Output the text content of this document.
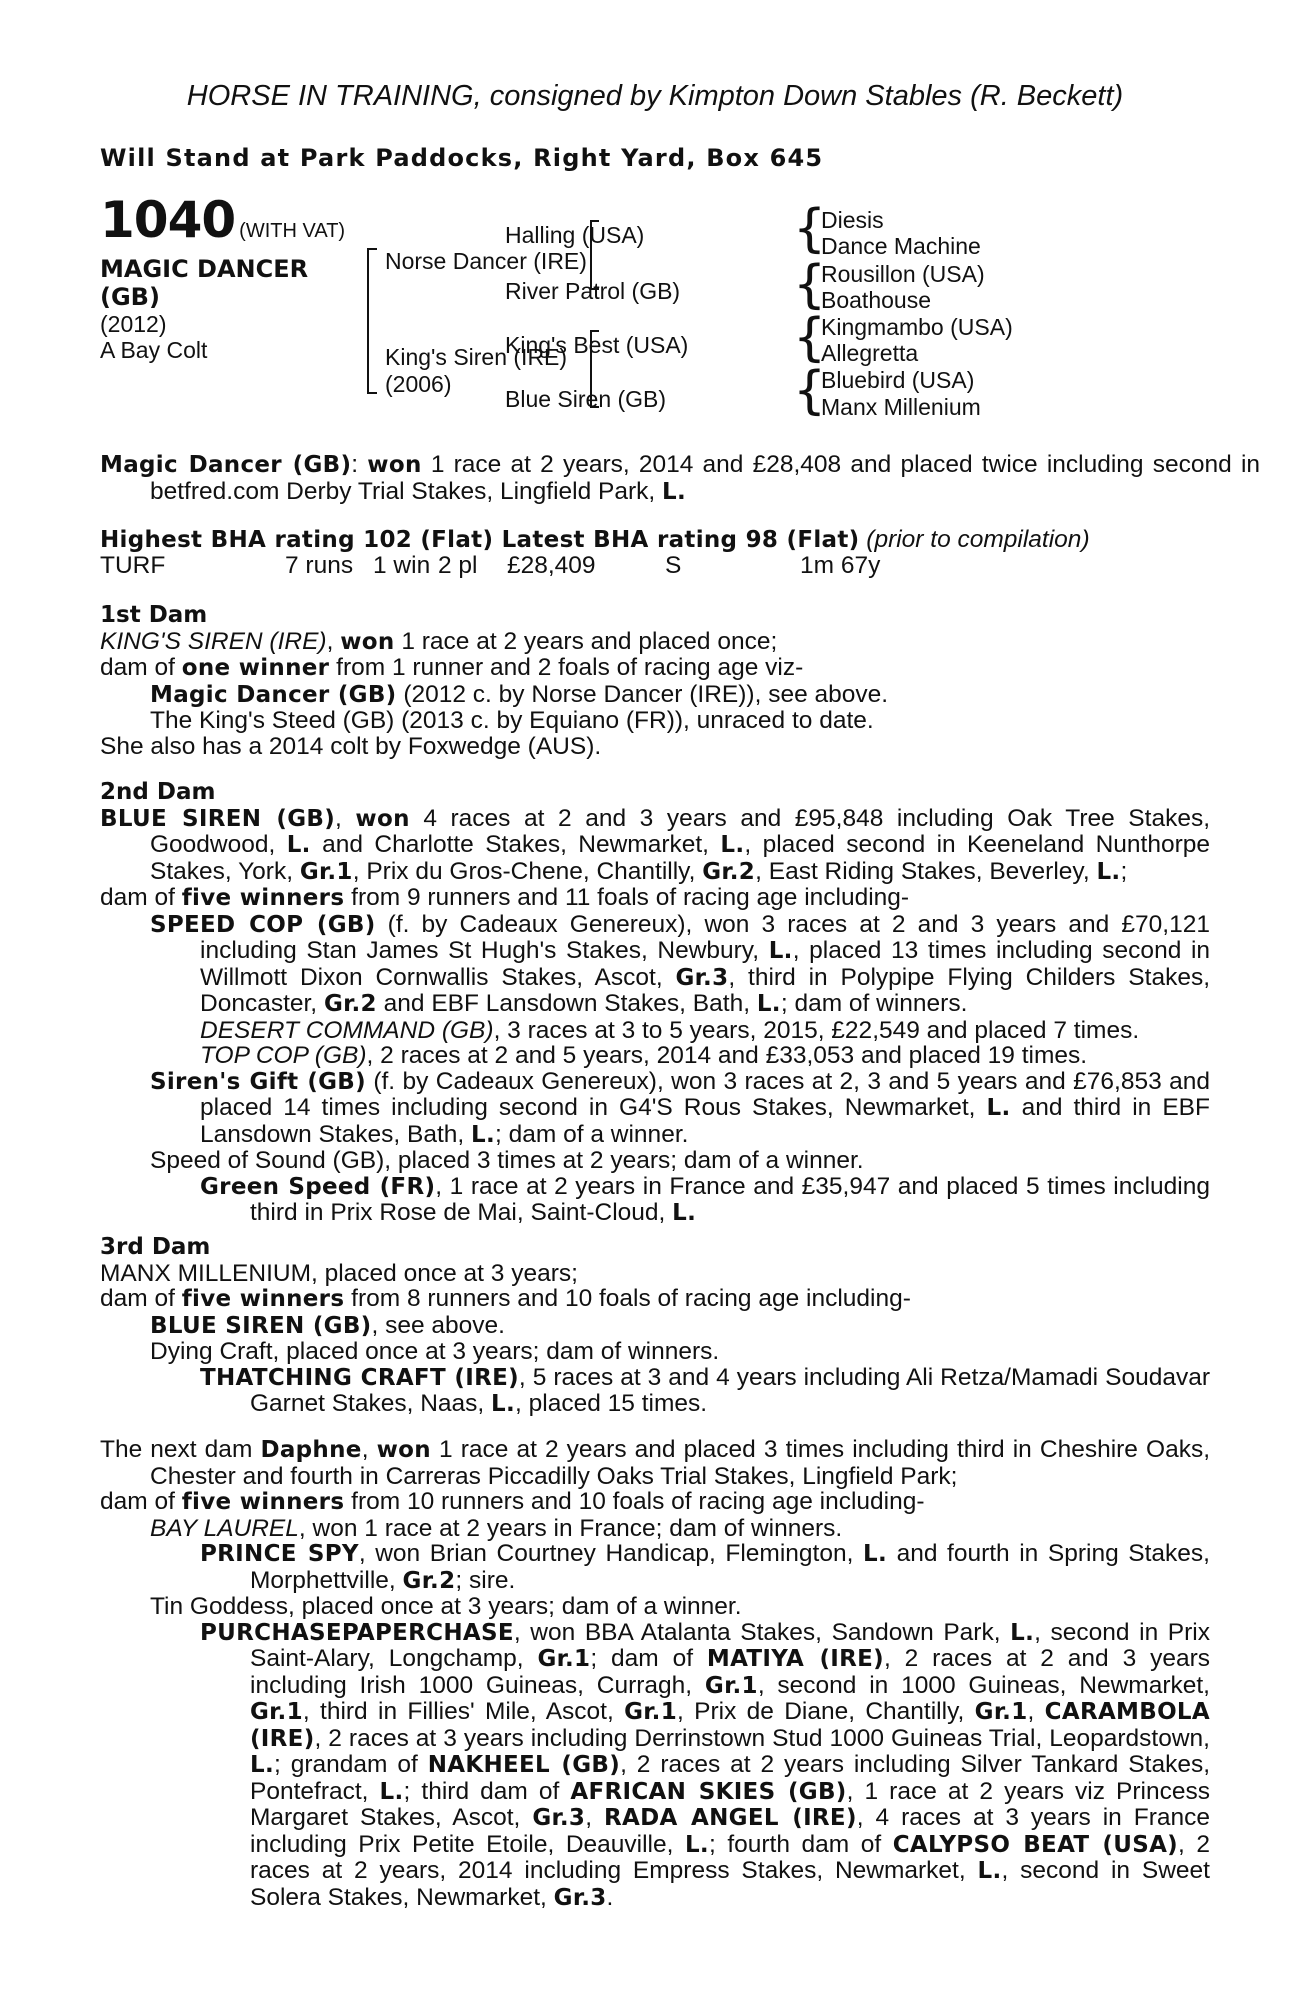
HORSE IN TRAINING, consigned by Kimpton Down Stables (R. Beckett)
Will Stand at Park Paddocks, Right Yard, Box 645
1040 (WITH VAT)
MAGIC DANCER
(GB)
(2012)
A Bay Colt
Norse Dancer (IRE)
King's Siren (IRE)
(2006)
Halling (USA)
River Patrol (GB)
King's Best (USA)
Blue Siren (GB)
{
Diesis
Dance Machine
{
Rousillon (USA)
Boathouse
{
Kingmambo (USA)
Allegretta
{
Bluebird (USA)
Manx Millenium
Magic Dancer (GB): won 1 race at 2 years, 2014 and £28,408 and placed twice including second in betfred.com Derby Trial Stakes, Lingfield Park, L.
Highest BHA rating 102 (Flat) Latest BHA rating 98 (Flat) (prior to compilation)
TURF	7 runs 1 win 2 pl £28,409	S	1m 67y
1st Dam
KING'S SIREN (IRE), won 1 race at 2 years and placed once;
dam of one winner from 1 runner and 2 foals of racing age viz-
Magic Dancer (GB) (2012 c. by Norse Dancer (IRE)), see above.
The King's Steed (GB) (2013 c. by Equiano (FR)), unraced to date.
She also has a 2014 colt by Foxwedge (AUS).
2nd Dam
BLUE SIREN (GB), won 4 races at 2 and 3 years and £95,848 including Oak Tree Stakes, Goodwood, L. and Charlotte Stakes, Newmarket, L., placed second in Keeneland Nunthorpe Stakes, York, Gr.1, Prix du Gros-Chene, Chantilly, Gr.2, East Riding Stakes, Beverley, L.;
dam of five winners from 9 runners and 11 foals of racing age including-
SPEED COP (GB) (f. by Cadeaux Genereux), won 3 races at 2 and 3 years and £70,121 including Stan James St Hugh's Stakes, Newbury, L., placed 13 times including second in Willmott Dixon Cornwallis Stakes, Ascot, Gr.3, third in Polypipe Flying Childers Stakes, Doncaster, Gr.2 and EBF Lansdown Stakes, Bath, L.; dam of winners.
DESERT COMMAND (GB), 3 races at 3 to 5 years, 2015, £22,549 and placed 7 times.
TOP COP (GB), 2 races at 2 and 5 years, 2014 and £33,053 and placed 19 times.
Siren's Gift (GB) (f. by Cadeaux Genereux), won 3 races at 2, 3 and 5 years and £76,853 and placed 14 times including second in G4'S Rous Stakes, Newmarket, L. and third in EBF Lansdown Stakes, Bath, L.; dam of a winner.
Speed of Sound (GB), placed 3 times at 2 years; dam of a winner.
Green Speed (FR), 1 race at 2 years in France and £35,947 and placed 5 times including third in Prix Rose de Mai, Saint-Cloud, L.
3rd Dam
MANX MILLENIUM, placed once at 3 years;
dam of five winners from 8 runners and 10 foals of racing age including-
BLUE SIREN (GB), see above.
Dying Craft, placed once at 3 years; dam of winners.
THATCHING CRAFT (IRE), 5 races at 3 and 4 years including Ali Retza/Mamadi Soudavar Garnet Stakes, Naas, L., placed 15 times.
The next dam Daphne, won 1 race at 2 years and placed 3 times including third in Cheshire Oaks, Chester and fourth in Carreras Piccadilly Oaks Trial Stakes, Lingfield Park;
dam of five winners from 10 runners and 10 foals of racing age including-
BAY LAUREL, won 1 race at 2 years in France; dam of winners.
PRINCE SPY, won Brian Courtney Handicap, Flemington, L. and fourth in Spring Stakes, Morphettville, Gr.2; sire.
Tin Goddess, placed once at 3 years; dam of a winner.
PURCHASEPAPERCHASE, won BBA Atalanta Stakes, Sandown Park, L., second in Prix Saint-Alary, Longchamp, Gr.1; dam of MATIYA (IRE), 2 races at 2 and 3 years including Irish 1000 Guineas, Curragh, Gr.1, second in 1000 Guineas, Newmarket, Gr.1, third in Fillies' Mile, Ascot, Gr.1, Prix de Diane, Chantilly, Gr.1, CARAMBOLA (IRE), 2 races at 3 years including Derrinstown Stud 1000 Guineas Trial, Leopardstown, L.; grandam of NAKHEEL (GB), 2 races at 2 years including Silver Tankard Stakes, Pontefract, L.; third dam of AFRICAN SKIES (GB), 1 race at 2 years viz Princess Margaret Stakes, Ascot, Gr.3, RADA ANGEL (IRE), 4 races at 3 years in France including Prix Petite Etoile, Deauville, L.; fourth dam of CALYPSO BEAT (USA), 2 races at 2 years, 2014 including Empress Stakes, Newmarket, L., second in Sweet Solera Stakes, Newmarket, Gr.3.
